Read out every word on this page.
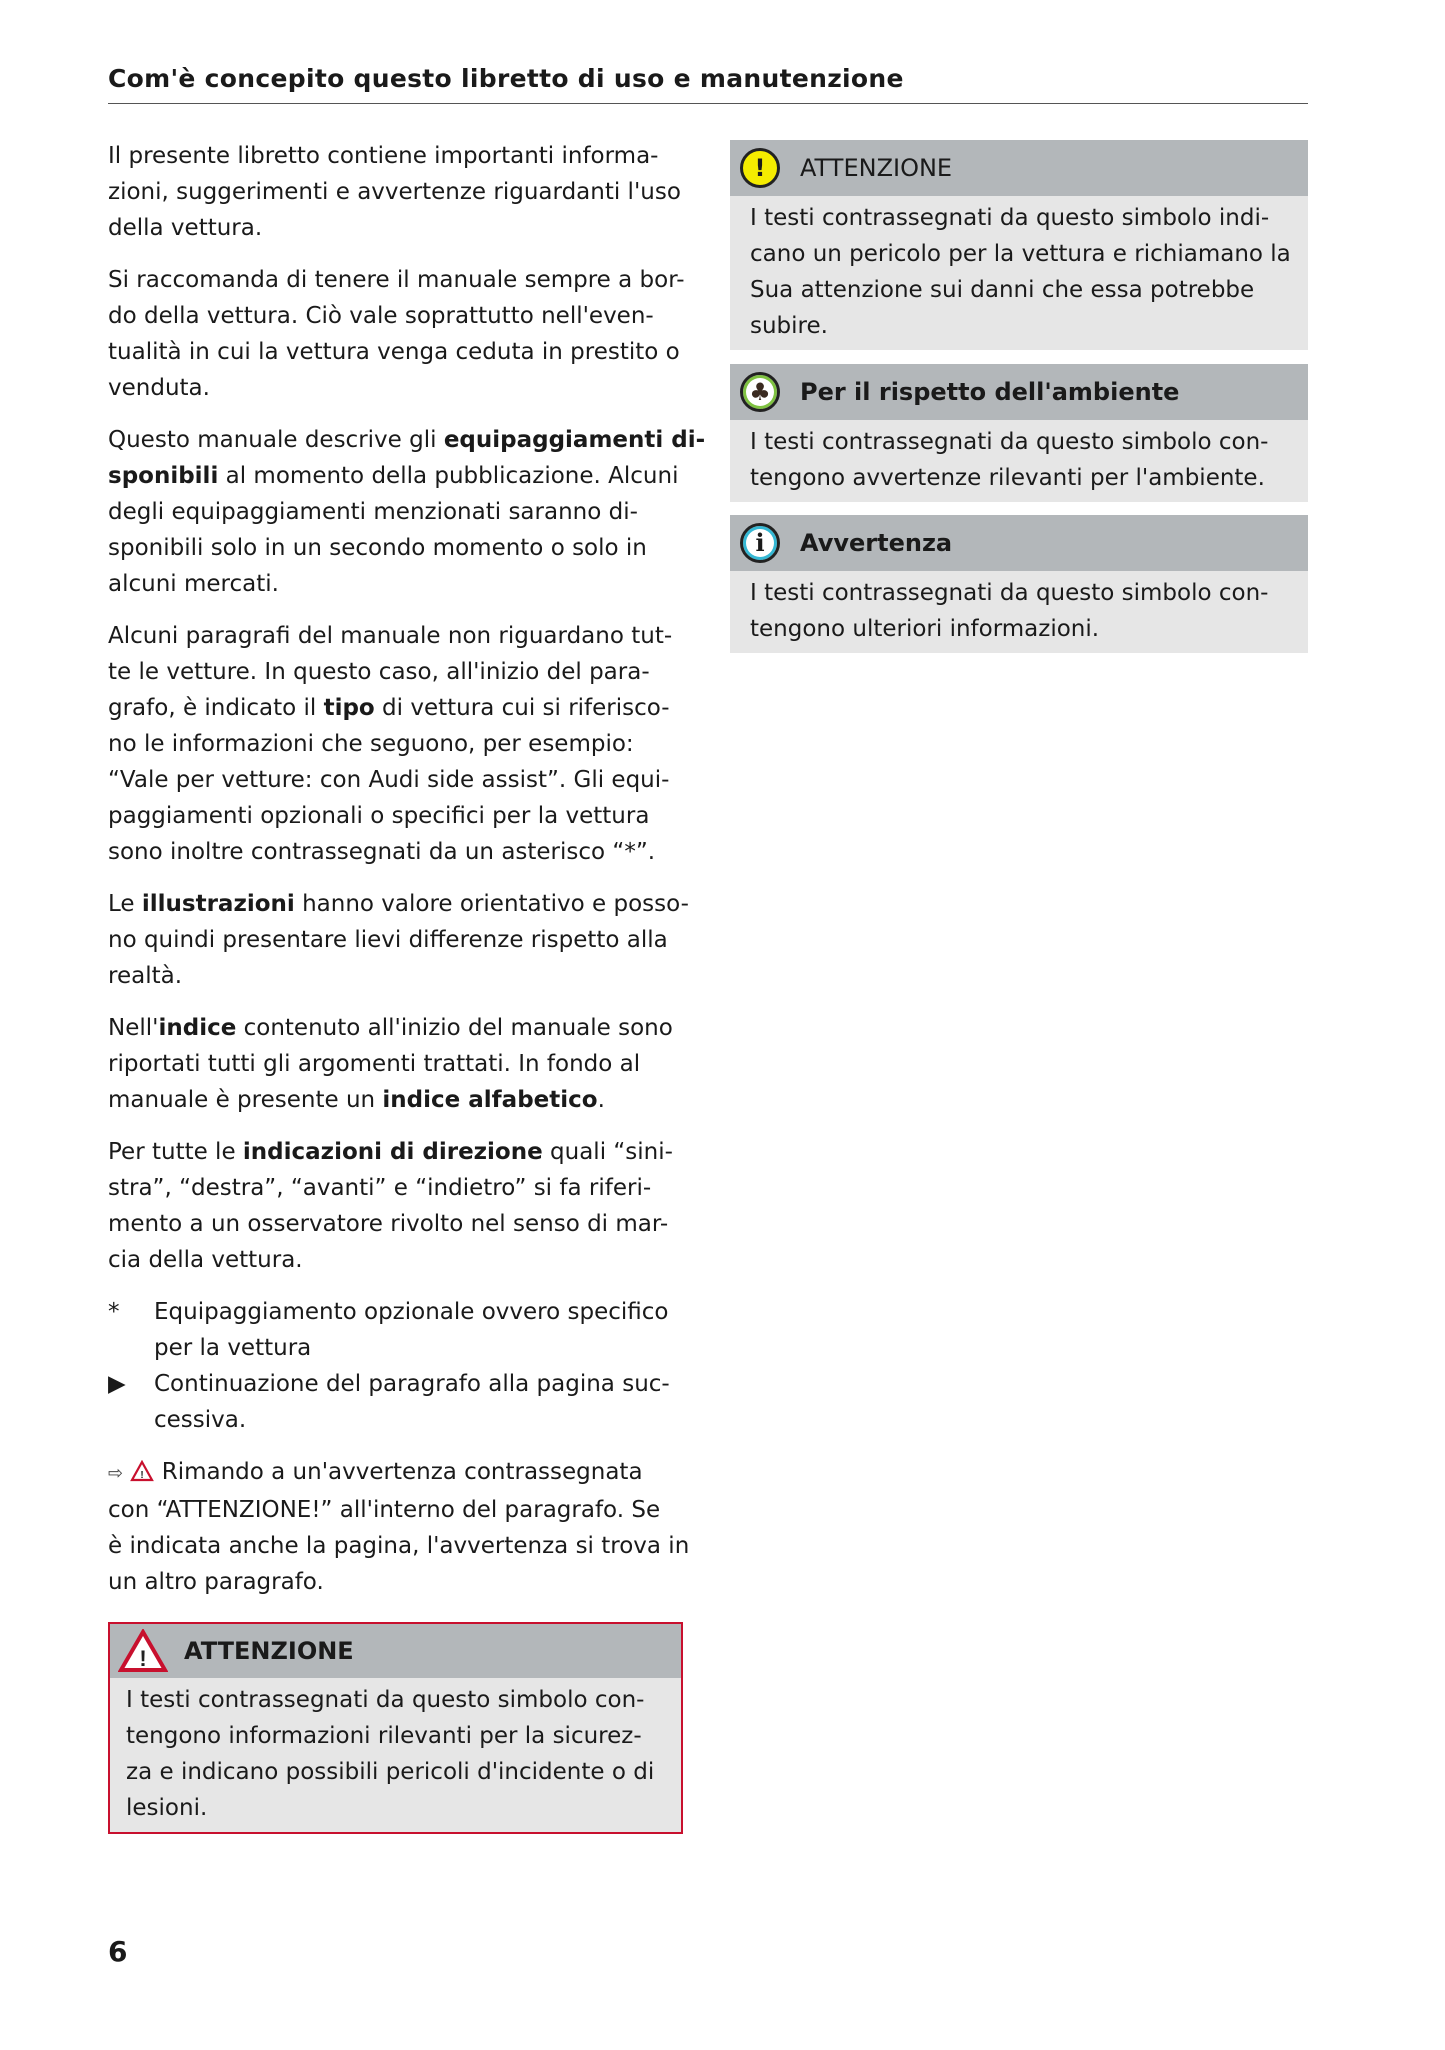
Com'è concepito questo libretto di uso e manutenzione
Il presente libretto contiene importanti informa-
zioni, suggerimenti e avvertenze riguardanti l'uso
della vettura.
Si raccomanda di tenere il manuale sempre a bor-
do della vettura. Ciò vale soprattutto nell'even-
tualità in cui la vettura venga ceduta in prestito o
venduta.
Questo manuale descrive gli equipaggiamenti di-
sponibili al momento della pubblicazione. Alcuni
degli equipaggiamenti menzionati saranno di-
sponibili solo in un secondo momento o solo in
alcuni mercati.
Alcuni paragrafi del manuale non riguardano tut-
te le vetture. In questo caso, all'inizio del para-
grafo, è indicato il tipo di vettura cui si riferisco-
no le informazioni che seguono, per esempio:
“Vale per vetture: con Audi side assist”. Gli equi-
paggiamenti opzionali o specifici per la vettura
sono inoltre contrassegnati da un asterisco “*”.
Le illustrazioni hanno valore orientativo e posso-
no quindi presentare lievi differenze rispetto alla
realtà.
Nell'indice contenuto all'inizio del manuale sono
riportati tutti gli argomenti trattati. In fondo al
manuale è presente un indice alfabetico.
Per tutte le indicazioni di direzione quali “sini-
stra”, “destra”, “avanti” e “indietro” si fa riferi-
mento a un osservatore rivolto nel senso di mar-
cia della vettura.
*	Equipaggiamento opzionale ovvero specifico
per la vettura
▶	Continuazione del paragrafo alla pagina suc-
cessiva.
⇨ ! Rimando a un'avvertenza contrassegnata
con “ATTENZIONE!” all'interno del paragrafo. Se
è indicata anche la pagina, l'avvertenza si trova in
un altro paragrafo.
!	ATTENZIONE
I testi contrassegnati da questo simbolo indi-
cano un pericolo per la vettura e richiamano la
Sua attenzione sui danni che essa potrebbe
subire.
♣	Per il rispetto dell'ambiente
I testi contrassegnati da questo simbolo con-
tengono avvertenze rilevanti per l'ambiente.
i	Avvertenza
I testi contrassegnati da questo simbolo con-
tengono ulteriori informazioni.
! ATTENZIONE
I testi contrassegnati da questo simbolo con-
tengono informazioni rilevanti per la sicurez-
za e indicano possibili pericoli d'incidente o di
lesioni.
6
